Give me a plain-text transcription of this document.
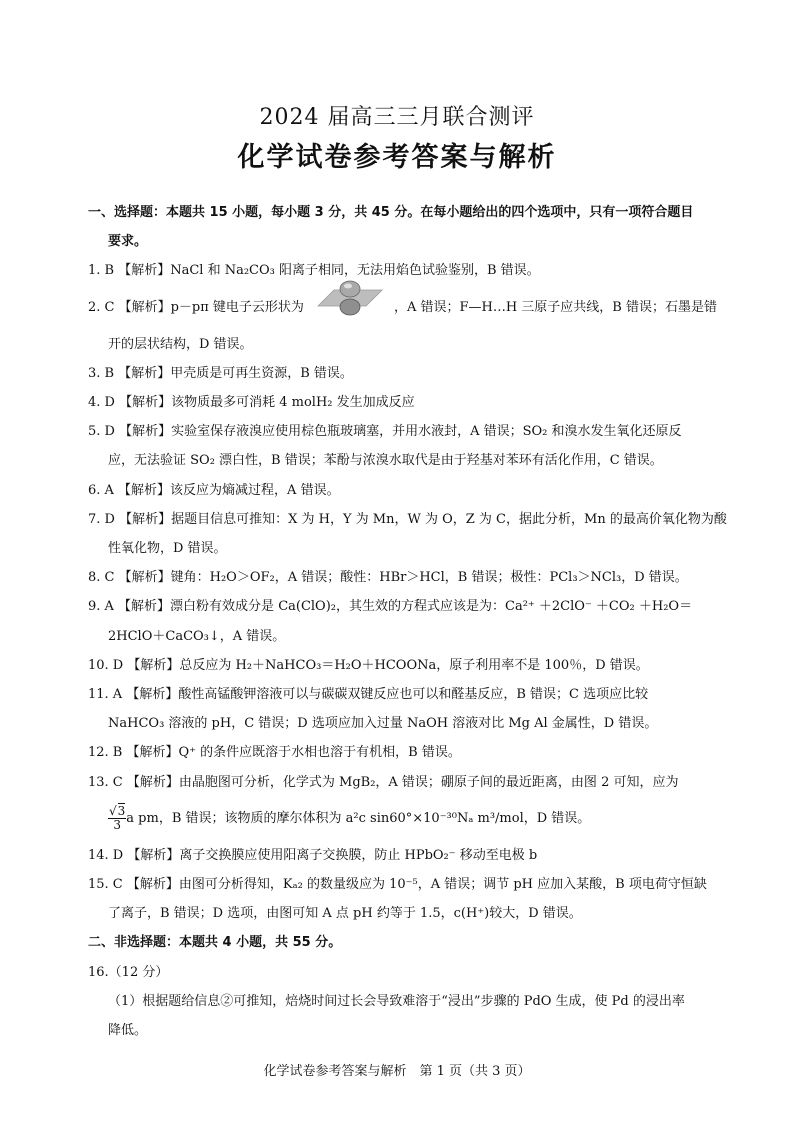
2024 届高三三月联合测评
化学试卷参考答案与解析

一、选择题：本题共 15 小题，每小题 3 分，共 45 分。在每小题给出的四个选项中，只有一项符合题目

要求。

1. B 【解析】NaCl 和 Na₂CO₃ 阳离子相同，无法用焰色试验鉴别，B 错误。

2. C 【解析】p－pπ 键电子云形状为	，A 错误；F—H…H 三原子应共线，B 错误；石墨是错

开的层状结构，D 错误。

3. B 【解析】甲壳质是可再生资源，B 错误。

4. D 【解析】该物质最多可消耗 4 molH₂ 发生加成反应

5. D 【解析】实验室保存液溴应使用棕色瓶玻璃塞，并用水液封，A 错误；SO₂ 和溴水发生氧化还原反

应，无法验证 SO₂ 漂白性，B 错误；苯酚与浓溴水取代是由于羟基对苯环有活化作用，C 错误。

6. A 【解析】该反应为熵减过程，A 错误。

7. D 【解析】据题目信息可推知：X 为 H，Y 为 Mn，W 为 O，Z 为 C，据此分析，Mn 的最高价氧化物为酸

性氧化物，D 错误。

8. C 【解析】键角：H₂O＞OF₂，A 错误；酸性：HBr＞HCl，B 错误；极性：PCl₃＞NCl₃，D 错误。

9. A 【解析】漂白粉有效成分是 Ca(ClO)₂，其生效的方程式应该是为：Ca²⁺ ＋2ClO⁻ ＋CO₂ ＋H₂O＝

2HClO＋CaCO₃↓，A 错误。

10. D 【解析】总反应为 H₂＋NaHCO₃＝H₂O＋HCOONa，原子利用率不是 100％，D 错误。

11. A 【解析】酸性高锰酸钾溶液可以与碳碳双键反应也可以和醛基反应，B 错误；C 选项应比较

NaHCO₃ 溶液的 pH，C 错误；D 选项应加入过量 NaOH 溶液对比 Mg Al 金属性，D 错误。

12. B 【解析】Q⁺ 的条件应既溶于水相也溶于有机相，B 错误。

13. C 【解析】由晶胞图可分析，化学式为 MgB₂，A 错误；硼原子间的最近距离，由图 2 可知，应为

$\frac{√3}{3}$ a pm，B 错误；该物质的摩尔体积为 a²c sin60°×10⁻³⁰Nₐ m³/mol，D 错误。

14. D 【解析】离子交换膜应使用阳离子交换膜，防止 HPbO₂⁻ 移动至电极 b

15. C 【解析】由图可分析得知，Kₐ₂ 的数量级应为 10⁻⁵，A 错误；调节 pH 应加入某酸，B 项电荷守恒缺

了离子，B 错误；D 选项，由图可知 A 点 pH 约等于 1.5，c(H⁺)较大，D 错误。

二、非选择题：本题共 4 小题，共 55 分。

16.（12 分）

（1）根据题给信息②可推知，焙烧时间过长会导致难溶于“浸出”步骤的 PdO 生成，使 Pd 的浸出率

降低。

化学试卷参考答案与解析　第 1 页（共 3 页）
